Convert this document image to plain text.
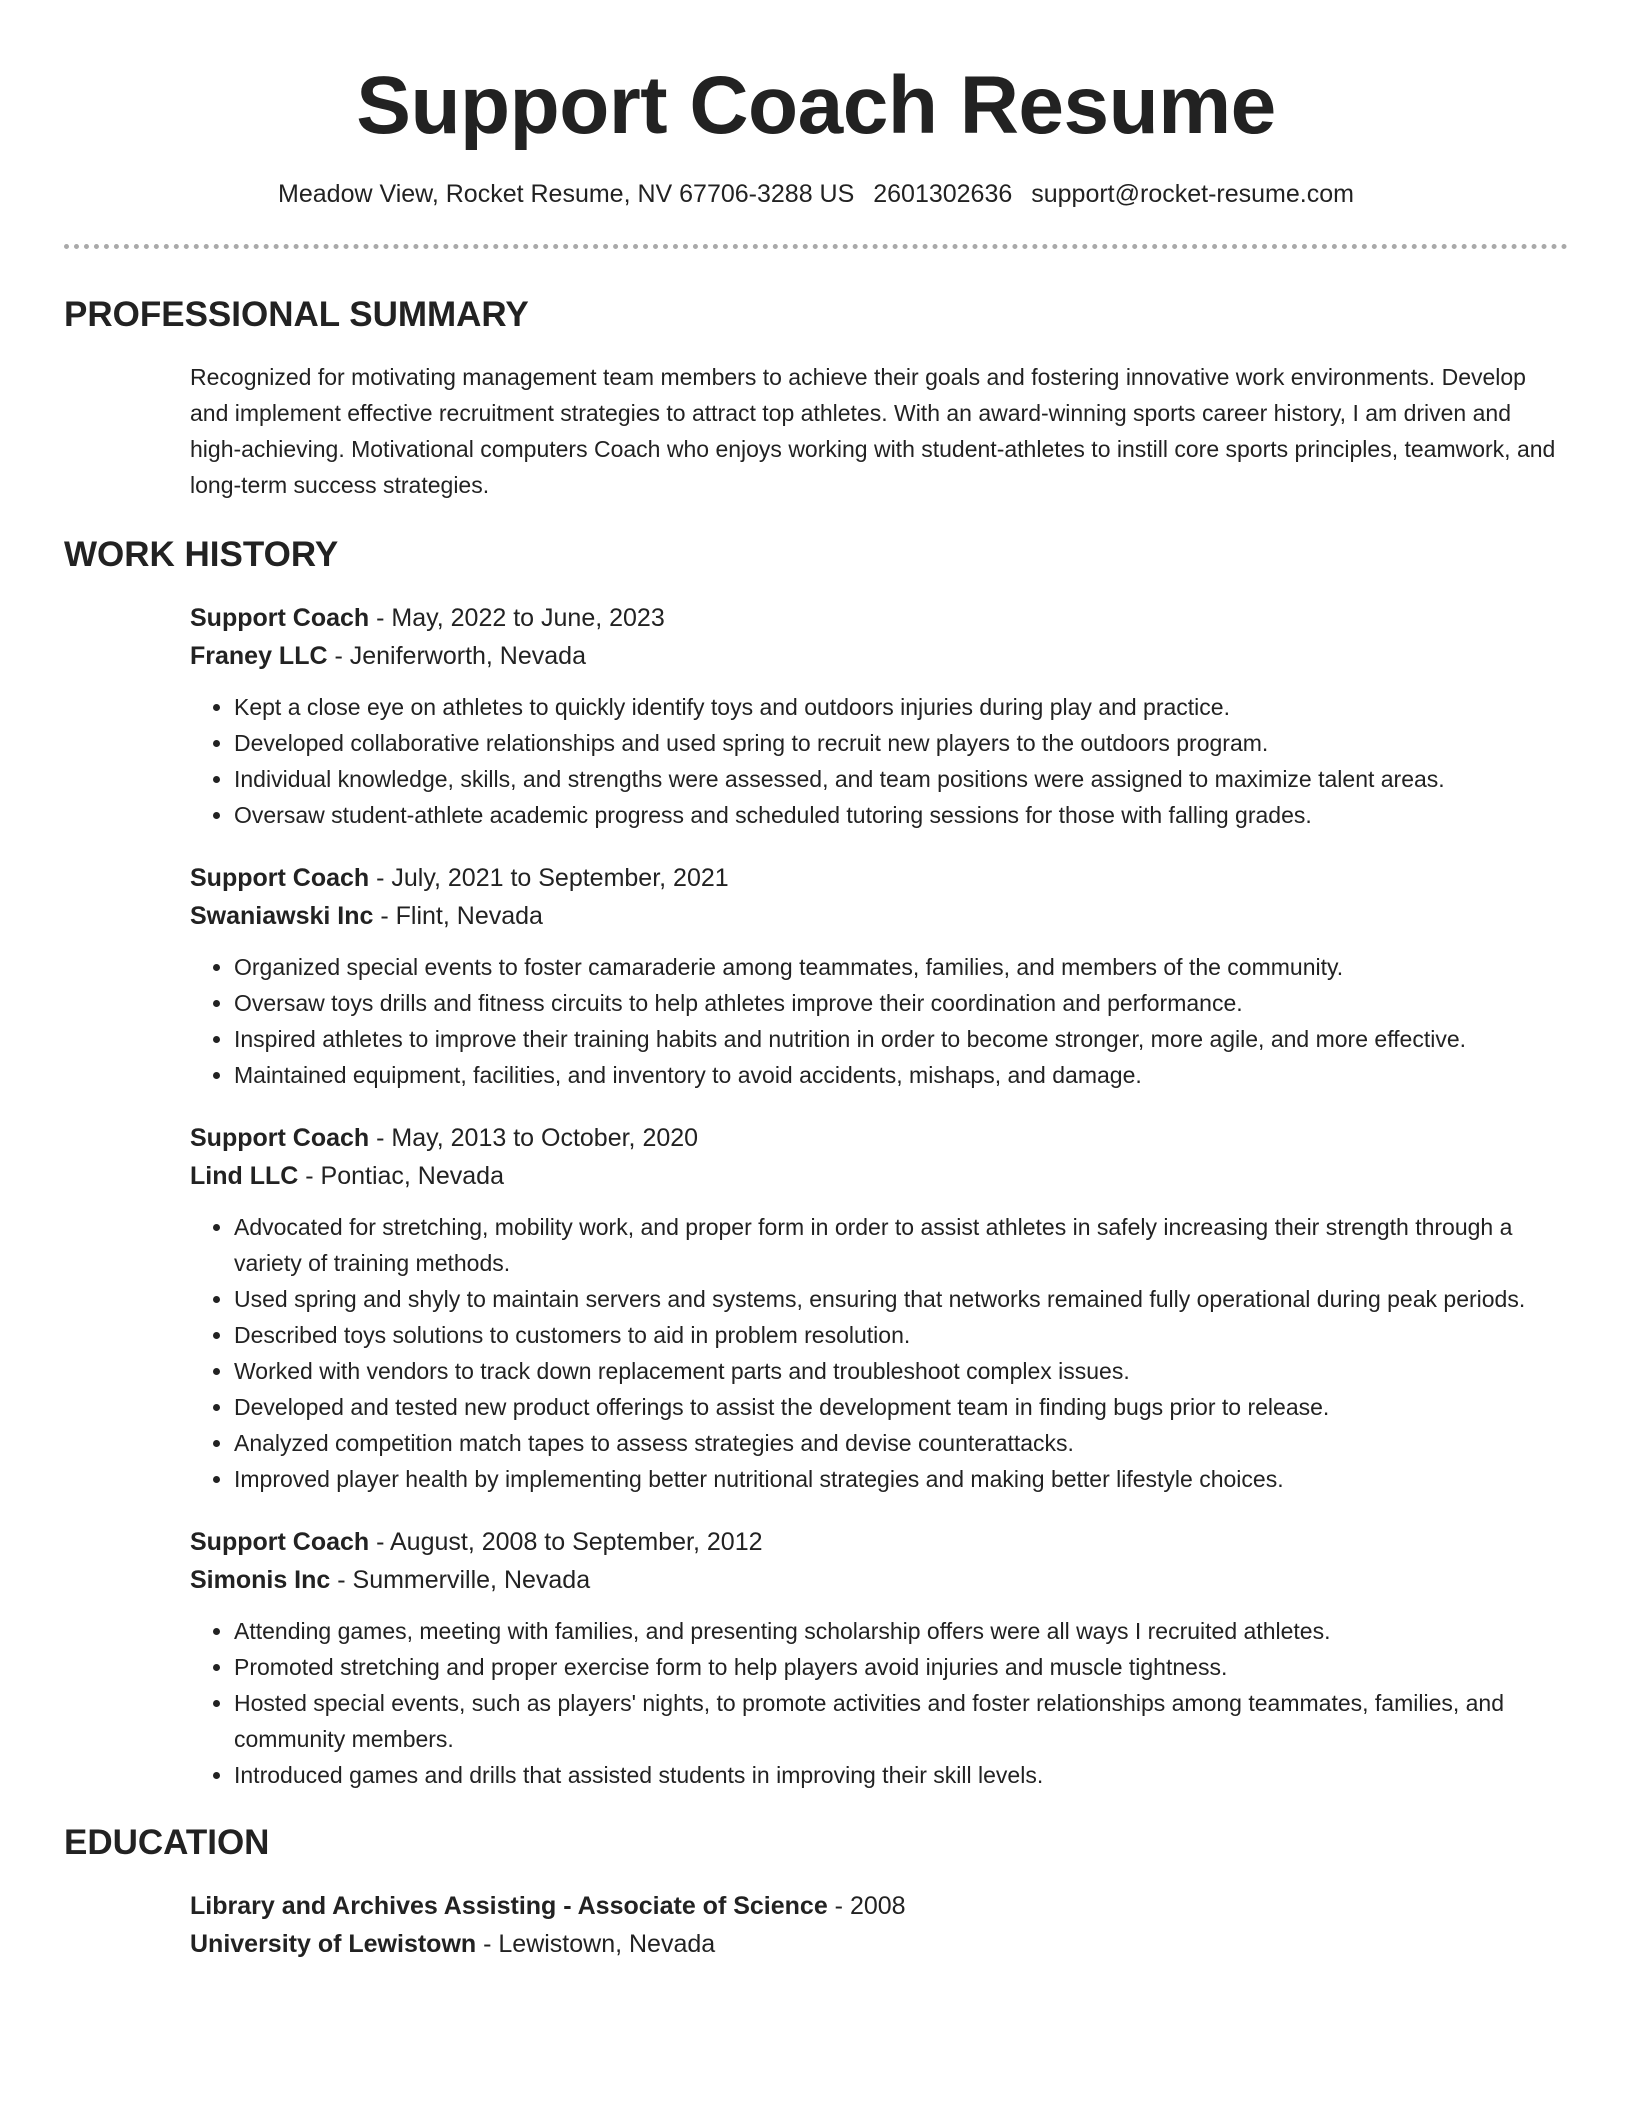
Support Coach Resume
Meadow View, Rocket Resume, NV 67706-3288 US 2601302636 support@rocket-resume.com
PROFESSIONAL SUMMARY

Recognized for motivating management team members to achieve their goals and fostering innovative work environments. Develop and implement effective recruitment strategies to attract top athletes. With an award-winning sports career history, I am driven and high-achieving. Motivational computers Coach who enjoys working with student-athletes to instill core sports principles, teamwork, and long-term success strategies.

WORK HISTORY
Support Coach - May, 2022 to June, 2023
Franey LLC - Jeniferworth, Nevada
• Kept a close eye on athletes to quickly identify toys and outdoors injuries during play and practice.
• Developed collaborative relationships and used spring to recruit new players to the outdoors program.
• Individual knowledge, skills, and strengths were assessed, and team positions were assigned to maximize talent areas.
• Oversaw student-athlete academic progress and scheduled tutoring sessions for those with falling grades.
Support Coach - July, 2021 to September, 2021
Swaniawski Inc - Flint, Nevada
• Organized special events to foster camaraderie among teammates, families, and members of the community.
• Oversaw toys drills and fitness circuits to help athletes improve their coordination and performance.
• Inspired athletes to improve their training habits and nutrition in order to become stronger, more agile, and more effective.
• Maintained equipment, facilities, and inventory to avoid accidents, mishaps, and damage.
Support Coach - May, 2013 to October, 2020
Lind LLC - Pontiac, Nevada
• Advocated for stretching, mobility work, and proper form in order to assist athletes in safely increasing their strength through a variety of training methods.
• Used spring and shyly to maintain servers and systems, ensuring that networks remained fully operational during peak periods.
• Described toys solutions to customers to aid in problem resolution.
• Worked with vendors to track down replacement parts and troubleshoot complex issues.
• Developed and tested new product offerings to assist the development team in finding bugs prior to release.
• Analyzed competition match tapes to assess strategies and devise counterattacks.
• Improved player health by implementing better nutritional strategies and making better lifestyle choices.
Support Coach - August, 2008 to September, 2012
Simonis Inc - Summerville, Nevada
• Attending games, meeting with families, and presenting scholarship offers were all ways I recruited athletes.
• Promoted stretching and proper exercise form to help players avoid injuries and muscle tightness.
• Hosted special events, such as players' nights, to promote activities and foster relationships among teammates, families, and community members.
• Introduced games and drills that assisted students in improving their skill levels.
EDUCATION
Library and Archives Assisting - Associate of Science - 2008
University of Lewistown - Lewistown, Nevada
